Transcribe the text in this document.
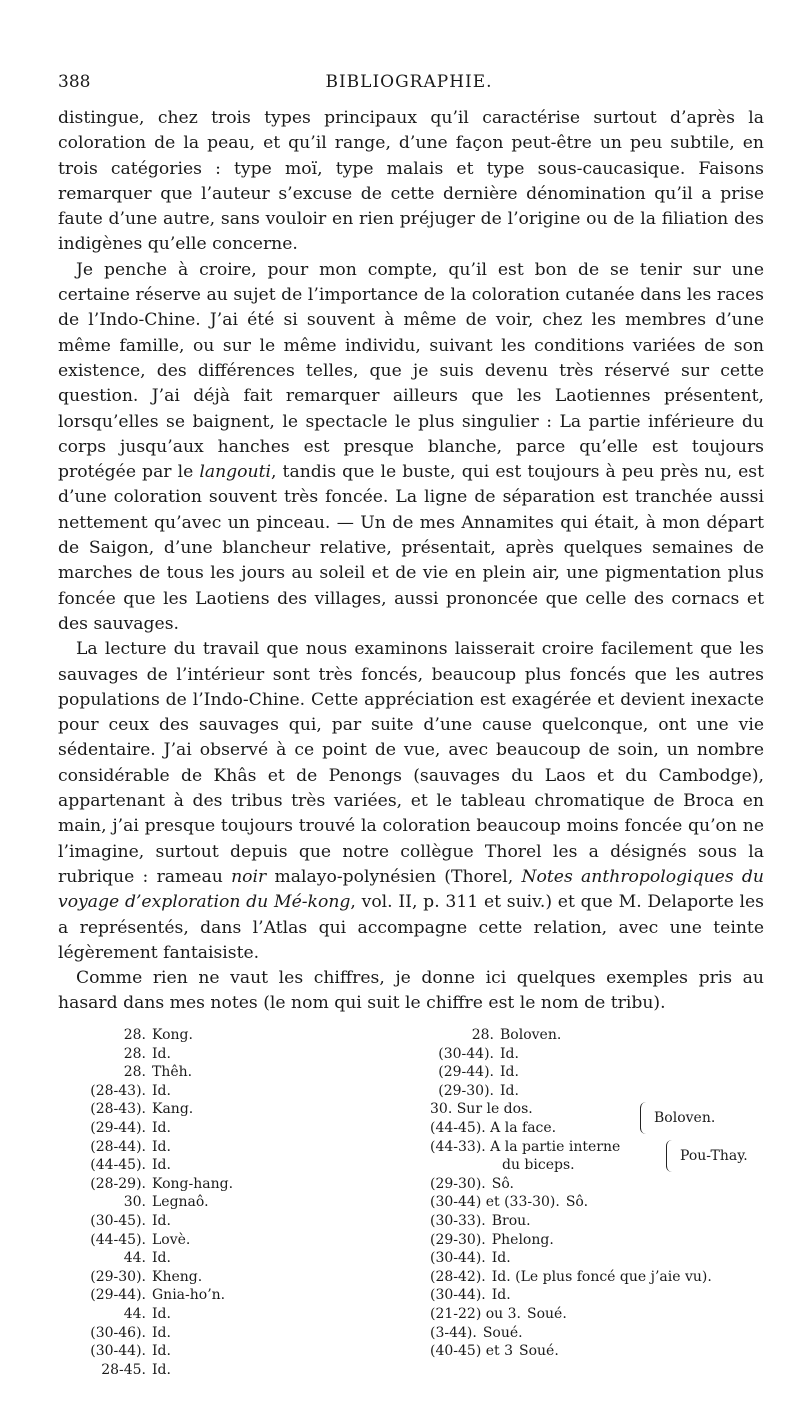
388	BIBLIOGRAPHIE.

distingue, chez trois types principaux qu’il caractérise surtout d’après la coloration de la peau, et qu’il range, d’une façon peut-être un peu subtile, en trois catégories : type moï, type malais et type sous-caucasique. Faisons remarquer que l’auteur s’excuse de cette dernière dénomination qu’il a prise faute d’une autre, sans vouloir en rien préjuger de l’origine ou de la filiation des indigènes qu’elle concerne.

Je penche à croire, pour mon compte, qu’il est bon de se tenir sur une certaine réserve au sujet de l’importance de la coloration cutanée dans les races de l’Indo-Chine. J’ai été si souvent à même de voir, chez les membres d’une même famille, ou sur le même individu, suivant les conditions variées de son existence, des différences telles, que je suis devenu très réservé sur cette question. J’ai déjà fait remarquer ailleurs que les Laotiennes présentent, lorsqu’elles se baignent, le spectacle le plus singulier : La partie inférieure du corps jusqu’aux hanches est presque blanche, parce qu’elle est toujours protégée par le langouti, tandis que le buste, qui est toujours à peu près nu, est d’une coloration souvent très foncée. La ligne de séparation est tranchée aussi nettement qu’avec un pinceau. — Un de mes Annamites qui était, à mon départ de Saigon, d’une blancheur relative, présentait, après quelques semaines de marches de tous les jours au soleil et de vie en plein air, une pigmentation plus foncée que les Laotiens des villages, aussi prononcée que celle des cornacs et des sauvages.

La lecture du travail que nous examinons laisserait croire facilement que les sauvages de l’intérieur sont très foncés, beaucoup plus foncés que les autres populations de l’Indo-Chine. Cette appréciation est exagérée et devient inexacte pour ceux des sauvages qui, par suite d’une cause quelconque, ont une vie sédentaire. J’ai observé à ce point de vue, avec beaucoup de soin, un nombre considérable de Khâs et de Penongs (sauvages du Laos et du Cambodge), appartenant à des tribus très variées, et le tableau chromatique de Broca en main, j’ai presque toujours trouvé la coloration beaucoup moins foncée qu’on ne l’imagine, surtout depuis que notre collègue Thorel les a désignés sous la rubrique : rameau noir malayo-polynésien (Thorel, Notes anthropologiques du voyage d’exploration du Mé-kong, vol. II, p. 311 et suiv.) et que M. Delaporte les a représentés, dans l’Atlas qui accompagne cette relation, avec une teinte légèrement fantaisiste.

Comme rien ne vaut les chiffres, je donne ici quelques exemples pris au hasard dans mes notes (le nom qui suit le chiffre est le nom de tribu).

28. Kong.
28. Id.
28. Thêh.
(28-43). Id.
(28-43). Kang.
(29-44). Id.
(28-44). Id.
(44-45). Id.
(28-29). Kong-hang.
30. Legnaô.
(30-45). Id.
(44-45). Lovè.
44. Id.
(29-30). Kheng.
(29-44). Gnia-ho’n.
44. Id.
(30-46). Id.
(30-44). Id.
28-45. Id.
28. Boloven.
(30-44). Id.
(29-44). Id.
(29-30). Id.
30. Sur le dos.
(44-45). A la face.
Boloven.
(44-33). A la partie interne
du biceps.
Pou-Thay.
(29-30). Sô.
(30-44) et (33-30). Sô.
(30-33). Brou.
(29-30). Phelong.
(30-44). Id.
(28-42). Id. (Le plus foncé que j’aie vu).
(30-44). Id.
(21-22) ou 3. Soué.
(3-44). Soué.
(40-45) et 3 Soué.
